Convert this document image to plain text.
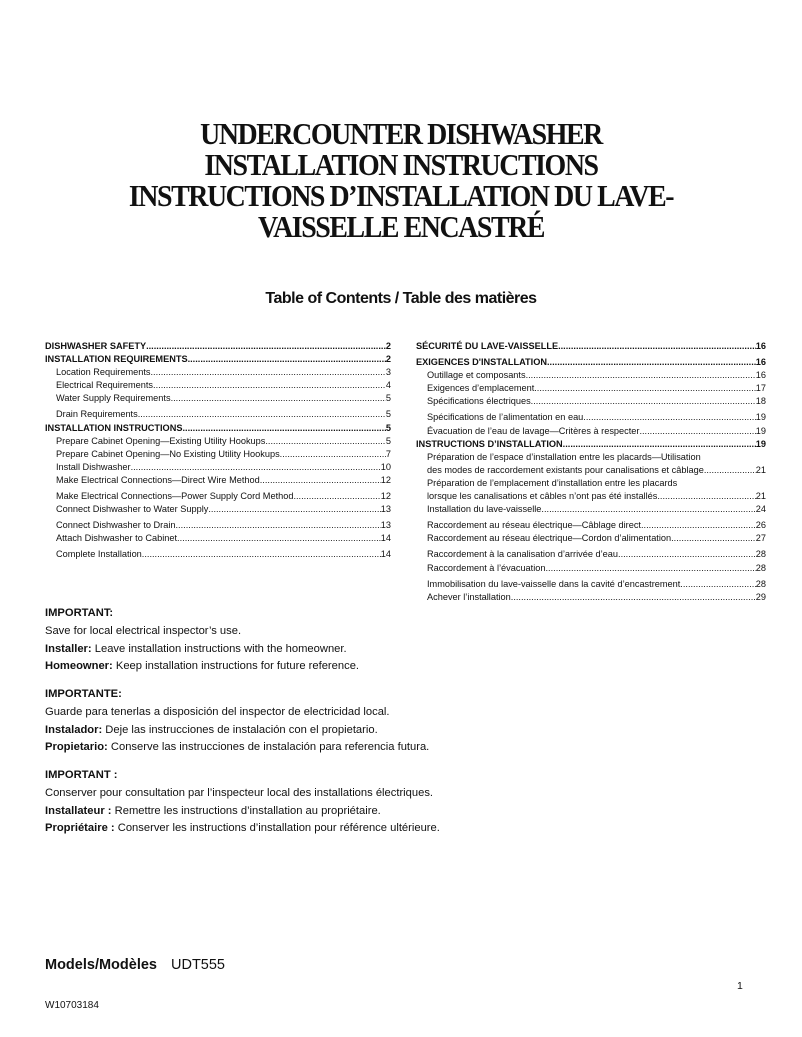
UNDERCOUNTER DISHWASHER
INSTALLATION INSTRUCTIONS
INSTRUCTIONS D’INSTALLATION DU LAVE-
VAISSELLE ENCASTRÉ
Table of Contents / Table des matières
DISHWASHER SAFETY .....	2
INSTALLATION REQUIREMENTS .....	2
Location Requirements .....	3
Electrical Requirements .....	4
Water Supply Requirements .....	5
Drain Requirements .....	5
INSTALLATION INSTRUCTIONS .....	5
Prepare Cabinet Opening—Existing Utility Hookups .....	5
Prepare Cabinet Opening—No Existing Utility Hookups .....	7
Install Dishwasher .....	10
Make Electrical Connections—Direct Wire Method .....	12
Make Electrical Connections—Power Supply Cord Method .....	12
Connect Dishwasher to Water Supply .....	13
Connect Dishwasher to Drain .....	13
Attach Dishwasher to Cabinet .....	14
Complete Installation .....	14
SÉCURITÉ DU LAVE-VAISSELLE .....	16
EXIGENCES D'INSTALLATION .....	16
Outillage et composants .....	16
Exigences d’emplacement .....	17
Spécifications électriques .....	18
Spécifications de l’alimentation en eau .....	19
Évacuation de l’eau de lavage—Critères à respecter .....	19
INSTRUCTIONS D’INSTALLATION .....	19
Préparation de l’espace d’installation entre les placards—Utilisation
des modes de raccordement existants pour canalisations et câblage .....	21
Préparation de l’emplacement d’installation entre les placards
lorsque les canalisations et câbles n’ont pas été installés .....	21
Installation du lave-vaisselle .....	24
Raccordement au réseau électrique—Câblage direct .....	26
Raccordement au réseau électrique—Cordon d’alimentation .....	27
Raccordement à la canalisation d’arrivée d’eau .....	28
Raccordement à l’évacuation .....	28
Immobilisation du lave-vaisselle dans la cavité d’encastrement .....	28
Achever l’installation .....	29
IMPORTANT:
Save for local electrical inspector’s use.
Installer: Leave installation instructions with the homeowner.
Homeowner: Keep installation instructions for future reference.
IMPORTANTE:
Guarde para tenerlas a disposición del inspector de electricidad local.
Instalador: Deje las instrucciones de instalación con el propietario.
Propietario: Conserve las instrucciones de instalación para referencia futura.
IMPORTANT :
Conserver pour consultation par l’inspecteur local des installations électriques.
Installateur : Remettre les instructions d’installation au propriétaire.
Propriétaire : Conserver les instructions d’installation pour référence ultérieure.
Models/Modèles UDT555
1
W10703184
